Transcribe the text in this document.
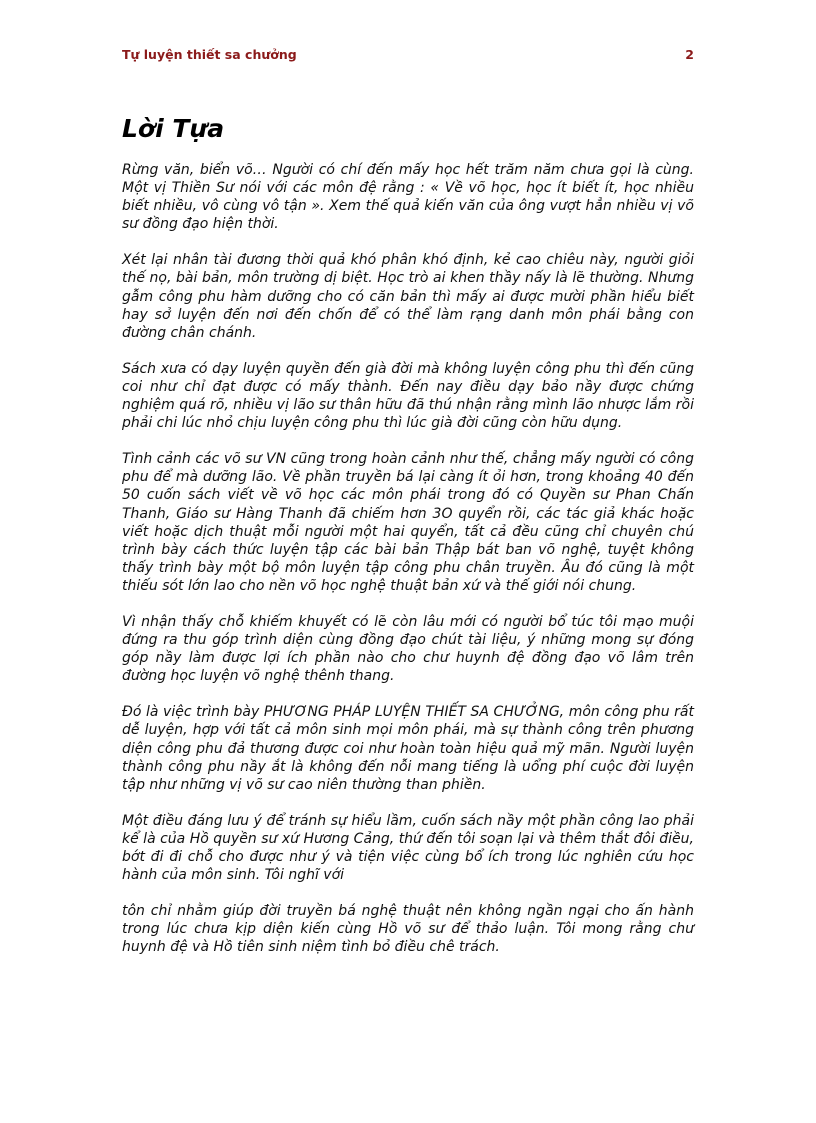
Tự luyện thiết sa chưởng	2
Lời Tựa

Rừng văn, biển võ… Người có chí đến mấy học hết trăm năm chưa gọi là cùng. Một vị Thiền Sư nói với các môn đệ rằng : « Về võ học, học ít biết ít, học nhiều biết nhiều, vô cùng vô tận ». Xem thế quả kiến văn của ông vượt hẳn nhiều vị võ sư đồng đạo hiện thời.

Xét lại nhân tài đương thời quả khó phân khó định, kẻ cao chiêu này, người giỏi thế nọ, bài bản, môn trường dị biệt. Học trò ai khen thầy nấy là lẽ thường. Nhưng gẫm công phu hàm dưỡng cho có căn bản thì mấy ai được mười phần hiểu biết hay sở luyện đến nơi đến chốn để có thể làm rạng danh môn phái bằng con đường chân chánh.

Sách xưa có dạy luyện quyền đến già đời mà không luyện công phu thì đến cũng coi như chỉ đạt được có mấy thành. Đến nay điều dạy bảo nầy được chứng nghiệm quá rõ, nhiều vị lão sư thân hữu đã thú nhận rằng mình lão nhược lắm rồi phải chi lúc nhỏ chịu luyện công phu thì lúc già đời cũng còn hữu dụng.

Tình cảnh các võ sư VN cũng trong hoàn cảnh như thế, chẳng mấy người có công phu để mà dưỡng lão. Về phần truyền bá lại càng ít ỏi hơn, trong khoảng 40 đến 50 cuốn sách viết về võ học các môn phái trong đó có Quyền sư Phan Chấn Thanh, Giáo sư Hàng Thanh đã chiếm hơn 3O quyển rồi, các tác giả khác hoặc viết hoặc dịch thuật mỗi người một hai quyển, tất cả đều cũng chỉ chuyên chú trình bày cách thức luyện tập các bài bản Thập bát ban võ nghệ, tuyệt không thấy trình bày một bộ môn luyện tập công phu chân truyền. Âu đó cũng là một thiếu sót lớn lao cho nền võ học nghệ thuật bản xứ và thế giới nói chung.

Vì nhận thấy chỗ khiếm khuyết có lẽ còn lâu mới có người bổ túc tôi mạo muội đứng ra thu góp trình diện cùng đồng đạo chút tài liệu, ý những mong sự đóng góp nầy làm được lợi ích phần nào cho chư huynh đệ đồng đạo võ lâm trên đường học luyện võ nghệ thênh thang.

Đó là việc trình bày PHƯƠNG PHÁP LUYỆN THIẾT SA CHƯỞNG, môn công phu rất dễ luyện, hợp với tất cả môn sinh mọi môn phái, mà sự thành công trên phương diện công phu đả thương được coi như hoàn toàn hiệu quả mỹ mãn. Người luyện thành công phu nầy ắt là không đến nỗi mang tiếng là uổng phí cuộc đời luyện tập như những vị võ sư cao niên thường than phiền.

Một điều đáng lưu ý để tránh sự hiểu lầm, cuốn sách nầy một phần công lao phải kể là của Hồ quyền sư xứ Hương Cảng, thứ đến tôi soạn lại và thêm thắt đôi điều, bớt đi đi chỗ cho được như ý và tiện việc cùng bổ ích trong lúc nghiên cứu học hành của môn sinh. Tôi nghĩ với

tôn chỉ nhằm giúp đời truyền bá nghệ thuật nên không ngần ngại cho ấn hành trong lúc chưa kịp diện kiến cùng Hồ võ sư để thảo luận. Tôi mong rằng chư huynh đệ và Hồ tiên sinh niệm tình bỏ điều chê trách.
